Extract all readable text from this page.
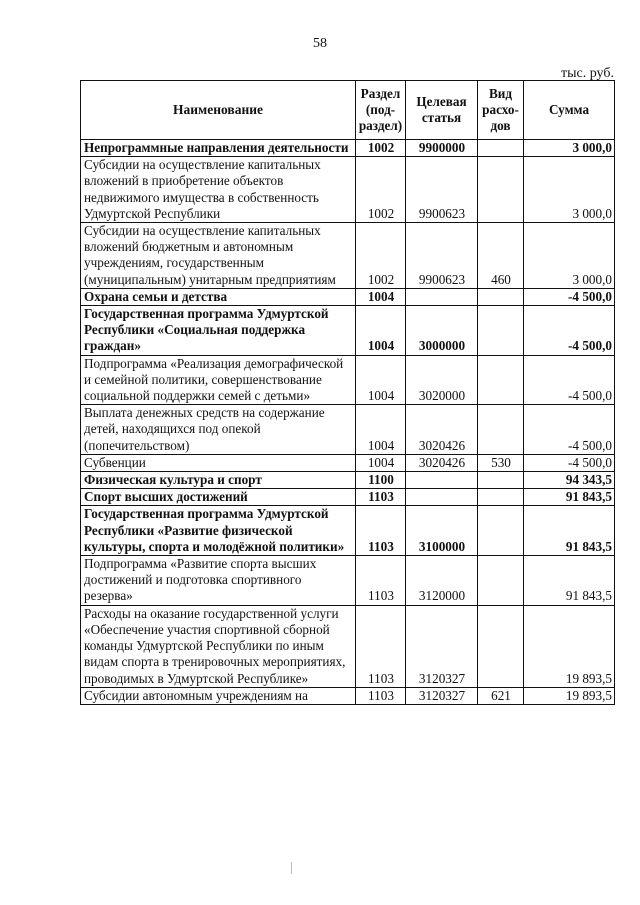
58
тыс. руб.
Наименование	Раздел (под-раздел)	Целевая статья	Вид расхо-дов	Сумма
Непрограммные направления деятельности	1002	9900000		3 000,0
Субсидии на осуществление капитальных вложений в приобретение объектов недвижимого имущества в собственность Удмуртской Республики	1002	9900623		3 000,0
Субсидии на осуществление капитальных вложений бюджетным и автономным учреждениям, государственным (муниципальным) унитарным предприятиям	1002	9900623	460	3 000,0
Охрана семьи и детства	1004			-4 500,0
Государственная программа Удмуртской Республики «Социальная поддержка граждан»	1004	3000000		-4 500,0
Подпрограмма «Реализация демографической и семейной политики, совершенствование социальной поддержки семей с детьми»	1004	3020000		-4 500,0
Выплата денежных средств на содержание детей, находящихся под опекой (попечительством)	1004	3020426		-4 500,0
Субвенции	1004	3020426	530	-4 500,0
Физическая культура и спорт	1100			94 343,5
Спорт высших достижений	1103			91 843,5
Государственная программа Удмуртской Республики «Развитие физической культуры, спорта и молодёжной политики»	1103	3100000		91 843,5
Подпрограмма «Развитие спорта высших достижений и подготовка спортивного резерва»	1103	3120000		91 843,5
Расходы на оказание государственной услуги «Обеспечение участия спортивной сборной команды Удмуртской Республики по иным видам спорта в тренировочных мероприятиях, проводимых в Удмуртской Республике»	1103	3120327		19 893,5
Субсидии автономным учреждениям на	1103	3120327	621	19 893,5
